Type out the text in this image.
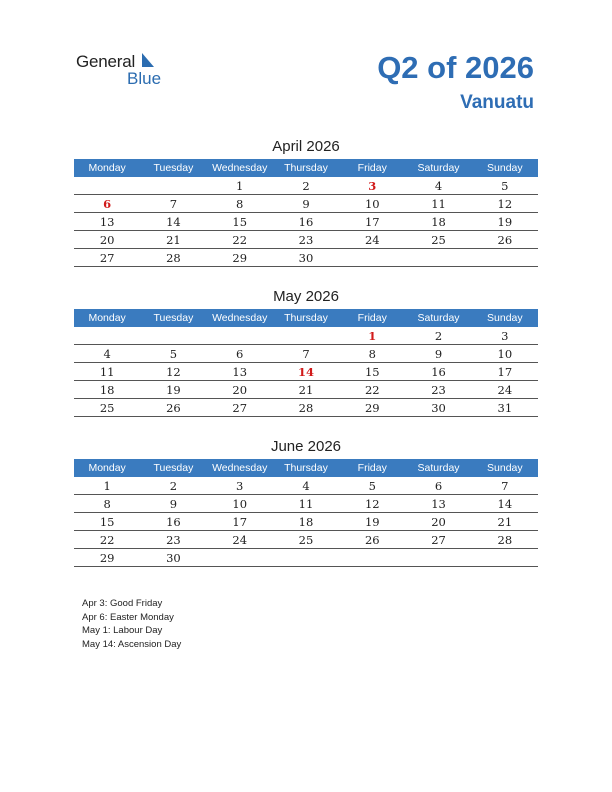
General
Blue	Q2 of 2026
Vanuatu
April 2026
Monday	Tuesday	Wednesday	Thursday	Friday	Saturday	Sunday
		1	2	3	4	5
6	7	8	9	10	11	12
13	14	15	16	17	18	19
20	21	22	23	24	25	26
27	28	29	30			
May 2026
Monday	Tuesday	Wednesday	Thursday	Friday	Saturday	Sunday
				1	2	3
4	5	6	7	8	9	10
11	12	13	14	15	16	17
18	19	20	21	22	23	24
25	26	27	28	29	30	31
June 2026
Monday	Tuesday	Wednesday	Thursday	Friday	Saturday	Sunday
1	2	3	4	5	6	7
8	9	10	11	12	13	14
15	16	17	18	19	20	21
22	23	24	25	26	27	28
29	30					
Apr 3: Good Friday
Apr 6: Easter Monday
May 1: Labour Day
May 14: Ascension Day
